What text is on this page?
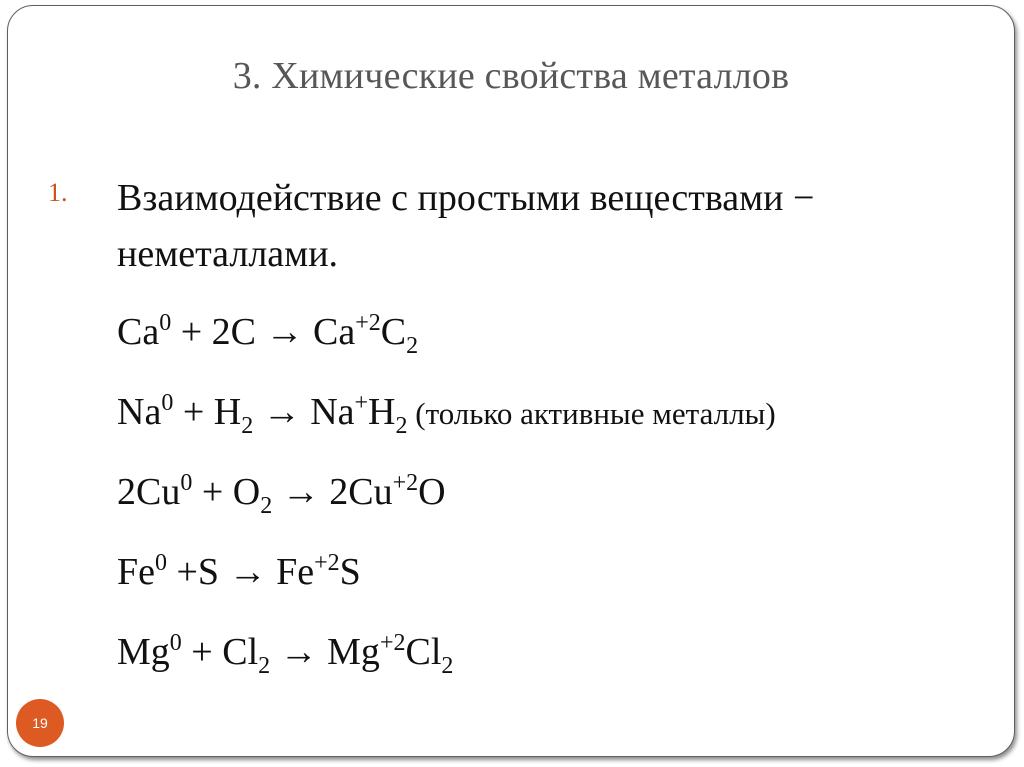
3. Химические свойства металлов
1. Взаимодействие с простыми веществами − неметаллами.
$Ca^0 + 2C \to Ca^{+2}C_2$
$Na^0 + H_2 \to Na^+H_2$ (только активные металлы)
$2Cu^0 + O_2 \to 2Cu^{+2}O$
$Fe^0 +S \to Fe^{+2}S$
$Mg^0 + Cl_2 \to Mg^{+2}Cl_2$
19
